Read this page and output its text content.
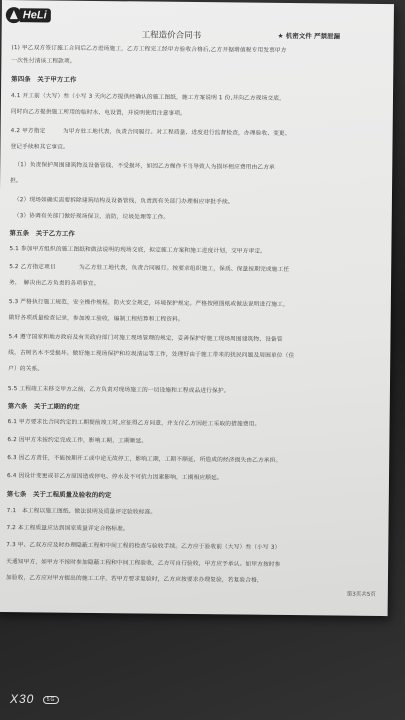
HeLi
工程造价合同书	★ 机密文件 严禁泄漏
(1) 甲乙双方签订施工合同后乙方进场施工，乙方工程完工经甲方验收合格后,乙方开据增值税专用发票甲方
一次性付清该工程款项。
第四条　关于甲方工作
4.1 开工前（大写）叁（小写 3 天向乙方提供经确认的施工图纸，施工方案说明 1 份,并向乙方现场交底，
同时向乙方提供施工所用的临时水、电设置，并说明使用注意事项。
4.2 甲方指定　　　为甲方驻工地代表，负责合同履行。对工程质量、进度进行监督检查，办理验收、变更、
登记手续和其它事宜。
（1）负责保护周围建筑物及设备管线，不受损坏，如因乙方操作不当导致人为损坏相应费用由乙方承
担。
（2）现场如确实需要拆除建筑结构及设备管线，负责到有关部门办理相应审批手续。
（3）协调有关部门做好现场保卫，消防，垃圾处理等工作。
第五条　关于乙方工作
5.1 参加甲方组织的施工图纸和做法说明的现场交底，拟定施工方案和施工进度计划，交甲方审定。
5.2 乙方指定项目　　　　为乙方驻工地代表，负责合同履行。按要求组织施工，保质、保量按期完成施工任
务，　解决由乙方负责的各项事宜。
5.3 严格执行施工规范，安全操作规程，防火安全规定，环境保护规定。严格按照图纸或做法说明进行施工，
做好各项质量检查记录，参加竣工验收，编制工程结算和工程资料。
5.4 遵守国家和地方政府及有关政府部门对施工现场管理的规定，妥善保护好施工现场周围建筑物、设备管
线，古树名木不受损坏。做好施工现场保护和垃圾清运等工作，处理好由于施工带来的扰民问题及周围单位（住
户）的关系。
5.5 工程竣工未移交甲方之前，乙方负责对现场施工的一切设施和工程成品进行保护。
第六条　关于工期的约定
6.1 甲方要求比合同约定的工期提前竣工时,应征得乙方同意，并支付乙方因赶工采取的措施费用。
6.2 因甲方未按约定完成工作，影响工期，工期顺延。
6.3 因乙方责任，不能按期开工或中途无故停工，影响工期，工期不顺延，所造成的经济损失由乙方承担。
6.4 因设计变更或非乙方原因造成停电、停水及不可抗力因素影响，工期相应顺延。
第七条　关于工程质量及验收的约定
7.1　本工程以施工图纸、做法说明及质量评定验收标准。
7.2 本工程质量应达到国家质量评定合格标准。
7.3 甲、乙双方应及时办理隐蔽工程和中间工程的检查与验收手续。乙方应于验收前（大写）叁（小写 3）
天通知甲方，如甲方不按时参加隐蔽工程和中间工程验收，乙方可自行验收，甲方应予承认。如甲方按时参
加验收，乙方应对甲方提出的施工工序，若甲方要求复验时，乙方应按要求办理复验，若复验合格，
第3页共5页
X30 5G
